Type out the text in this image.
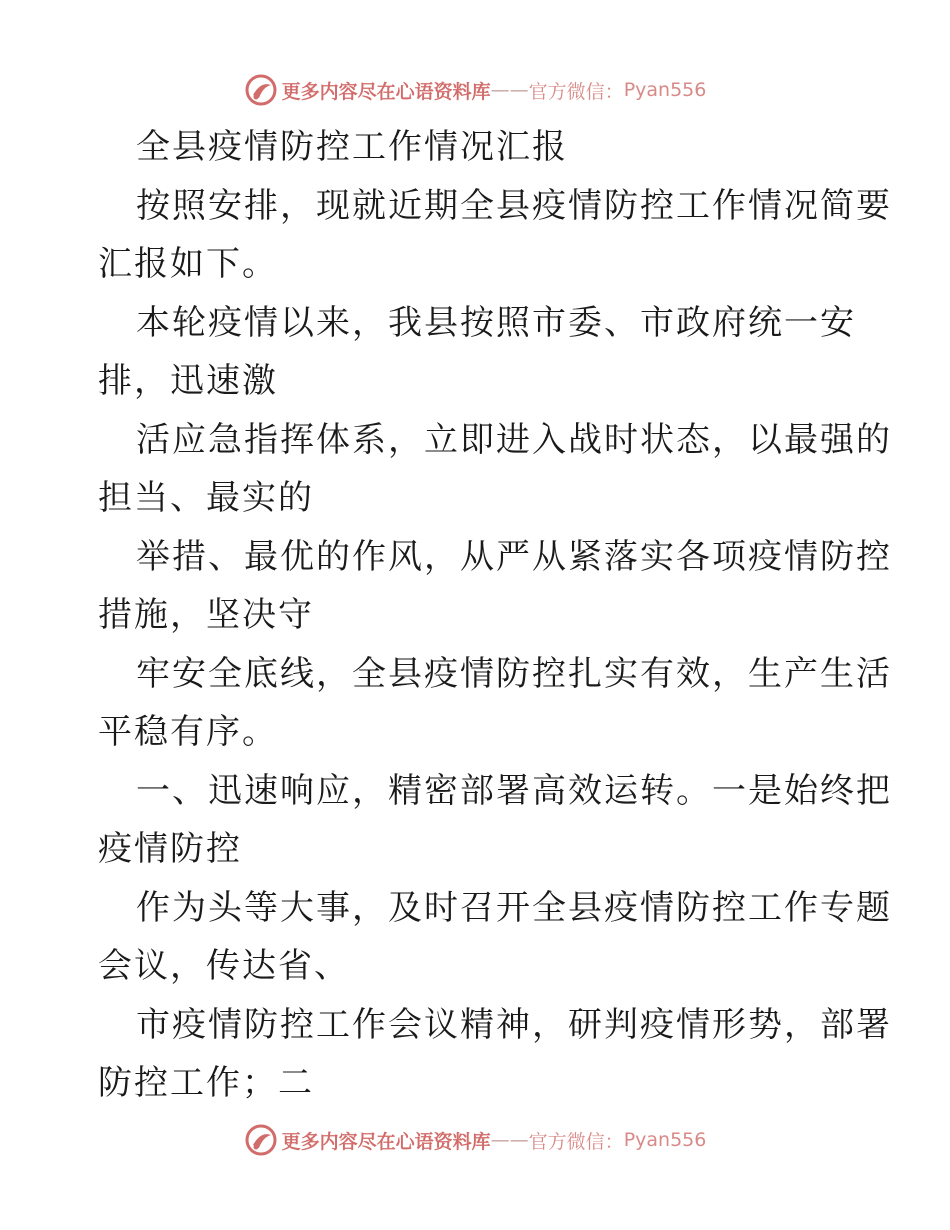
更多内容尽在心语资料库 —— 官方微信： Pyan556

全县疫情防控工作情况汇报

按照安排，现就近期全县疫情防控工作情况简要

汇报如下。

本轮疫情以来，我县按照市委、市政府统一安

排，迅速激

活应急指挥体系，立即进入战时状态，以最强的

担当、最实的

举措、最优的作风，从严从紧落实各项疫情防控

措施，坚决守

牢安全底线，全县疫情防控扎实有效，生产生活

平稳有序。

一、迅速响应，精密部署高效运转。一是始终把

疫情防控

作为头等大事，及时召开全县疫情防控工作专题

会议，传达省、

市疫情防控工作会议精神，研判疫情形势，部署

防控工作；二

更多内容尽在心语资料库 —— 官方微信： Pyan556
